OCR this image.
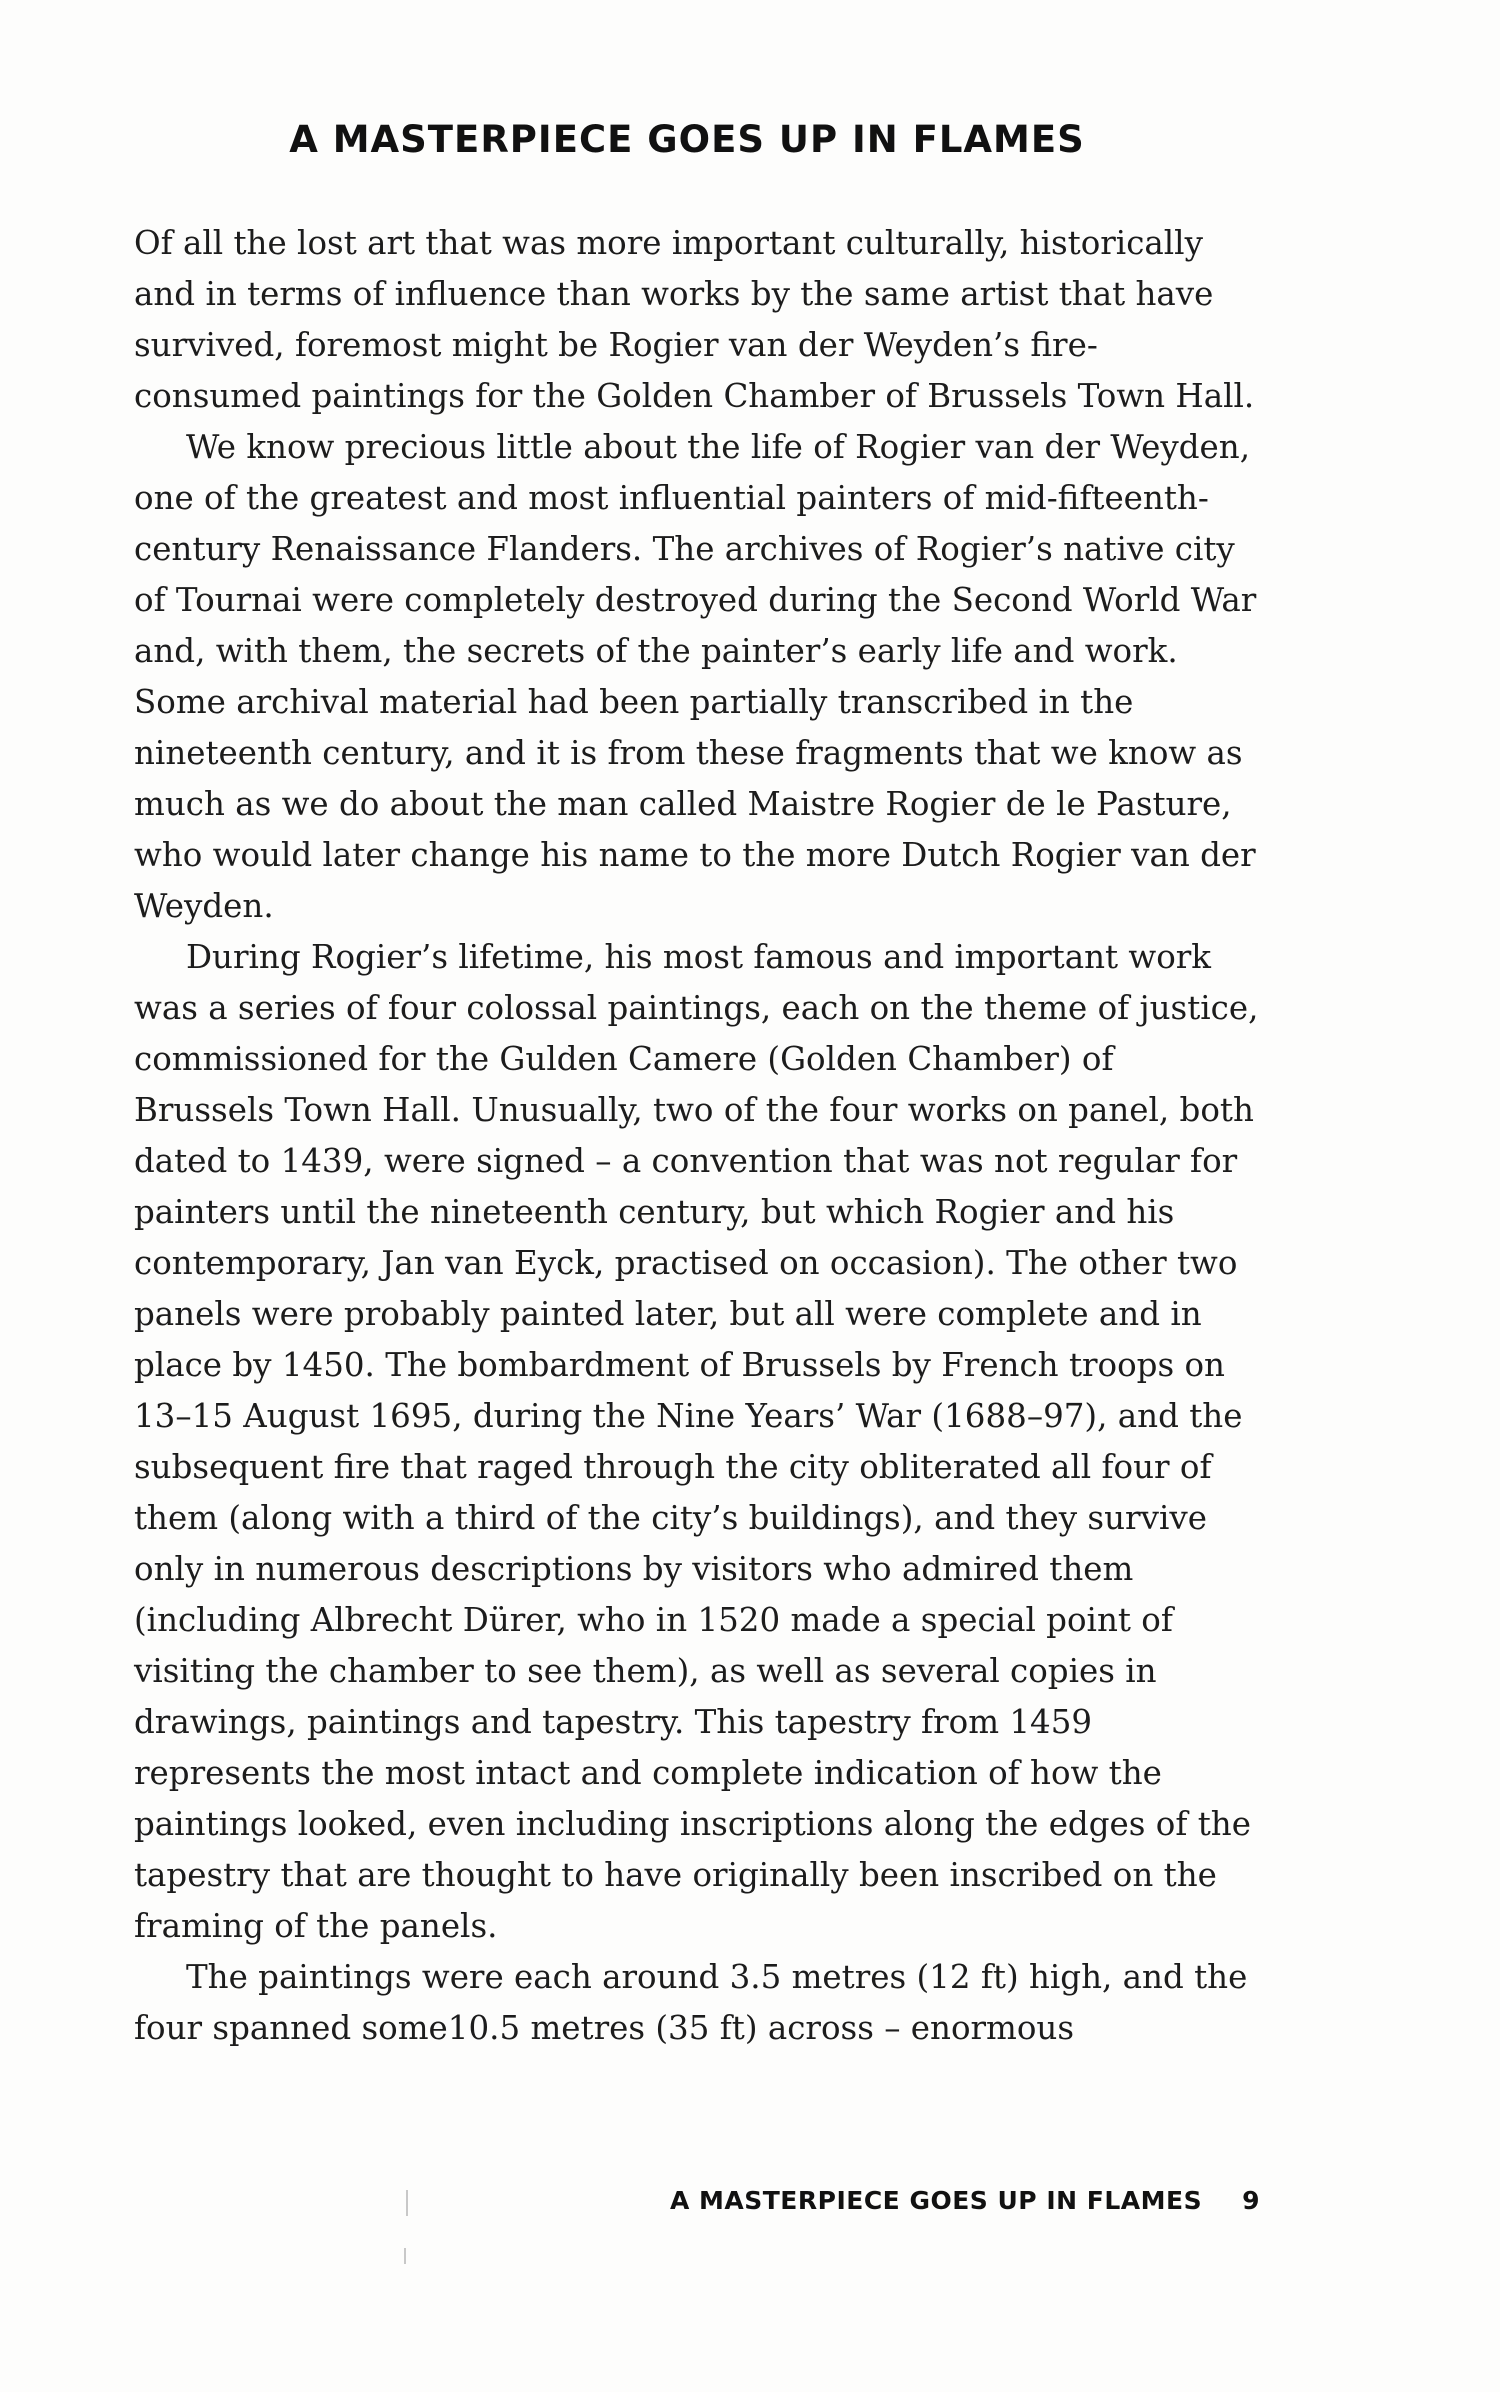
A MASTERPIECE GOES UP IN FLAMES

Of all the lost art that was more important culturally, historically and in terms of influence than works by the same artist that have survived, foremost might be Rogier van der Weyden’s fire-consumed paintings for the Golden Chamber of Brussels Town Hall.

We know precious little about the life of Rogier van der Weyden, one of the greatest and most influential painters of mid-fifteenth-century Renaissance Flanders. The archives of Rogier’s native city of Tournai were completely destroyed during the Second World War and, with them, the secrets of the painter’s early life and work. Some archival material had been partially transcribed in the nineteenth century, and it is from these fragments that we know as much as we do about the man called Maistre Rogier de le Pasture, who would later change his name to the more Dutch Rogier van der Weyden.

During Rogier’s lifetime, his most famous and important work was a series of four colossal paintings, each on the theme of justice, commissioned for the Gulden Camere (Golden Chamber) of Brussels Town Hall. Unusually, two of the four works on panel, both dated to 1439, were signed – a convention that was not regular for painters until the nineteenth century, but which Rogier and his contemporary, Jan van Eyck, practised on occasion). The other two panels were probably painted later, but all were complete and in place by 1450. The bombardment of Brussels by French troops on 13–15 August 1695, during the Nine Years’ War (1688–97), and the subsequent fire that raged through the city obliterated all four of them (along with a third of the city’s buildings), and they survive only in numerous descriptions by visitors who admired them (including Albrecht Dürer, who in 1520 made a special point of visiting the chamber to see them), as well as several copies in drawings, paintings and tapestry. This tapestry from 1459 represents the most intact and complete indication of how the paintings looked, even including inscriptions along the edges of the tapestry that are thought to have originally been inscribed on the framing of the panels.

The paintings were each around 3.5 metres (12 ft) high, and the four spanned some10.5 metres (35 ft) across – enormous

A MASTERPIECE GOES UP IN FLAMES 9
